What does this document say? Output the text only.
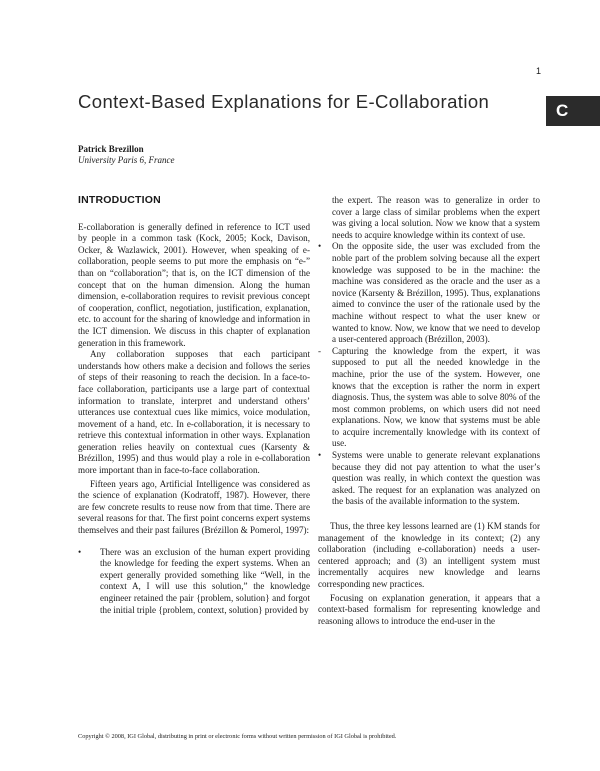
1
C
Context-Based Explanations for E-Collaboration
Patrick Brezillon
University Paris 6, France
INTRODUCTION

E-collaboration is generally defined in reference to ICT used by people in a common task (Kock, 2005; Kock, Davison, Ocker, & Wazlawick, 2001). However, when speaking of e-collaboration, people seems to put more the emphasis on “e-” than on “collaboration”; that is, on the ICT dimension of the concept that on the human dimension. Along the human dimension, e-collaboration requires to revisit previous concept of cooperation, conflict, negotiation, justification, explanation, etc. to account for the sharing of knowledge and information in the ICT dimension. We discuss in this chapter of explanation generation in this framework.

Any collaboration supposes that each participant understands how others make a decision and follows the series of steps of their reasoning to reach the decision. In a face-to-face collaboration, participants use a large part of contextual information to translate, interpret and understand others’ utterances use contextual cues like mimics, voice modulation, movement of a hand, etc. In e-collaboration, it is necessary to retrieve this contextual information in other ways. Explanation generation relies heavily on contextual cues (Karsenty & Brézillon, 1995) and thus would play a role in e-collaboration more important than in face-to-face collaboration.

Fifteen years ago, Artificial Intelligence was considered as the science of explanation (Kodratoff, 1987). However, there are few concrete results to reuse now from that time. There are several reasons for that. The first point concerns expert systems themselves and their past failures (Brézillon & Pomerol, 1997):

• There was an exclusion of the human expert providing the knowledge for feeding the expert systems. When an expert generally provided something like “Well, in the context A, I will use this solution,” the knowledge engineer retained the pair {problem, solution} and forgot the initial triple {problem, context, solution} provided by

the expert. The reason was to generalize in order to cover a large class of similar problems when the expert was giving a local solution. Now we know that a system needs to acquire knowledge within its context of use.

• On the opposite side, the user was excluded from the noble part of the problem solving because all the expert knowledge was supposed to be in the machine: the machine was considered as the oracle and the user as a novice (Karsenty & Brézillon, 1995). Thus, explanations aimed to convince the user of the rationale used by the machine without respect to what the user knew or wanted to know. Now, we know that we need to develop a user-centered approach (Brézillon, 2003).
- Capturing the knowledge from the expert, it was supposed to put all the needed knowledge in the machine, prior the use of the system. However, one knows that the exception is rather the norm in expert diagnosis. Thus, the system was able to solve 80% of the most common problems, on which users did not need explanations. Now, we know that systems must be able to acquire incrementally knowledge with its context of use.
• Systems were unable to generate relevant explanations because they did not pay attention to what the user’s question was really, in which context the question was asked. The request for an explanation was analyzed on the basis of the available information to the system.

Thus, the three key lessons learned are (1) KM stands for management of the knowledge in its context; (2) any collaboration (including e-collaboration) needs a user-centered approach; and (3) an intelligent system must incrementally acquires new knowledge and learns corresponding new practices.

Focusing on explanation generation, it appears that a context-based formalism for representing knowledge and reasoning allows to introduce the end-user in the

Copyright © 2008, IGI Global, distributing in print or electronic forms without written permission of IGI Global is prohibited.
